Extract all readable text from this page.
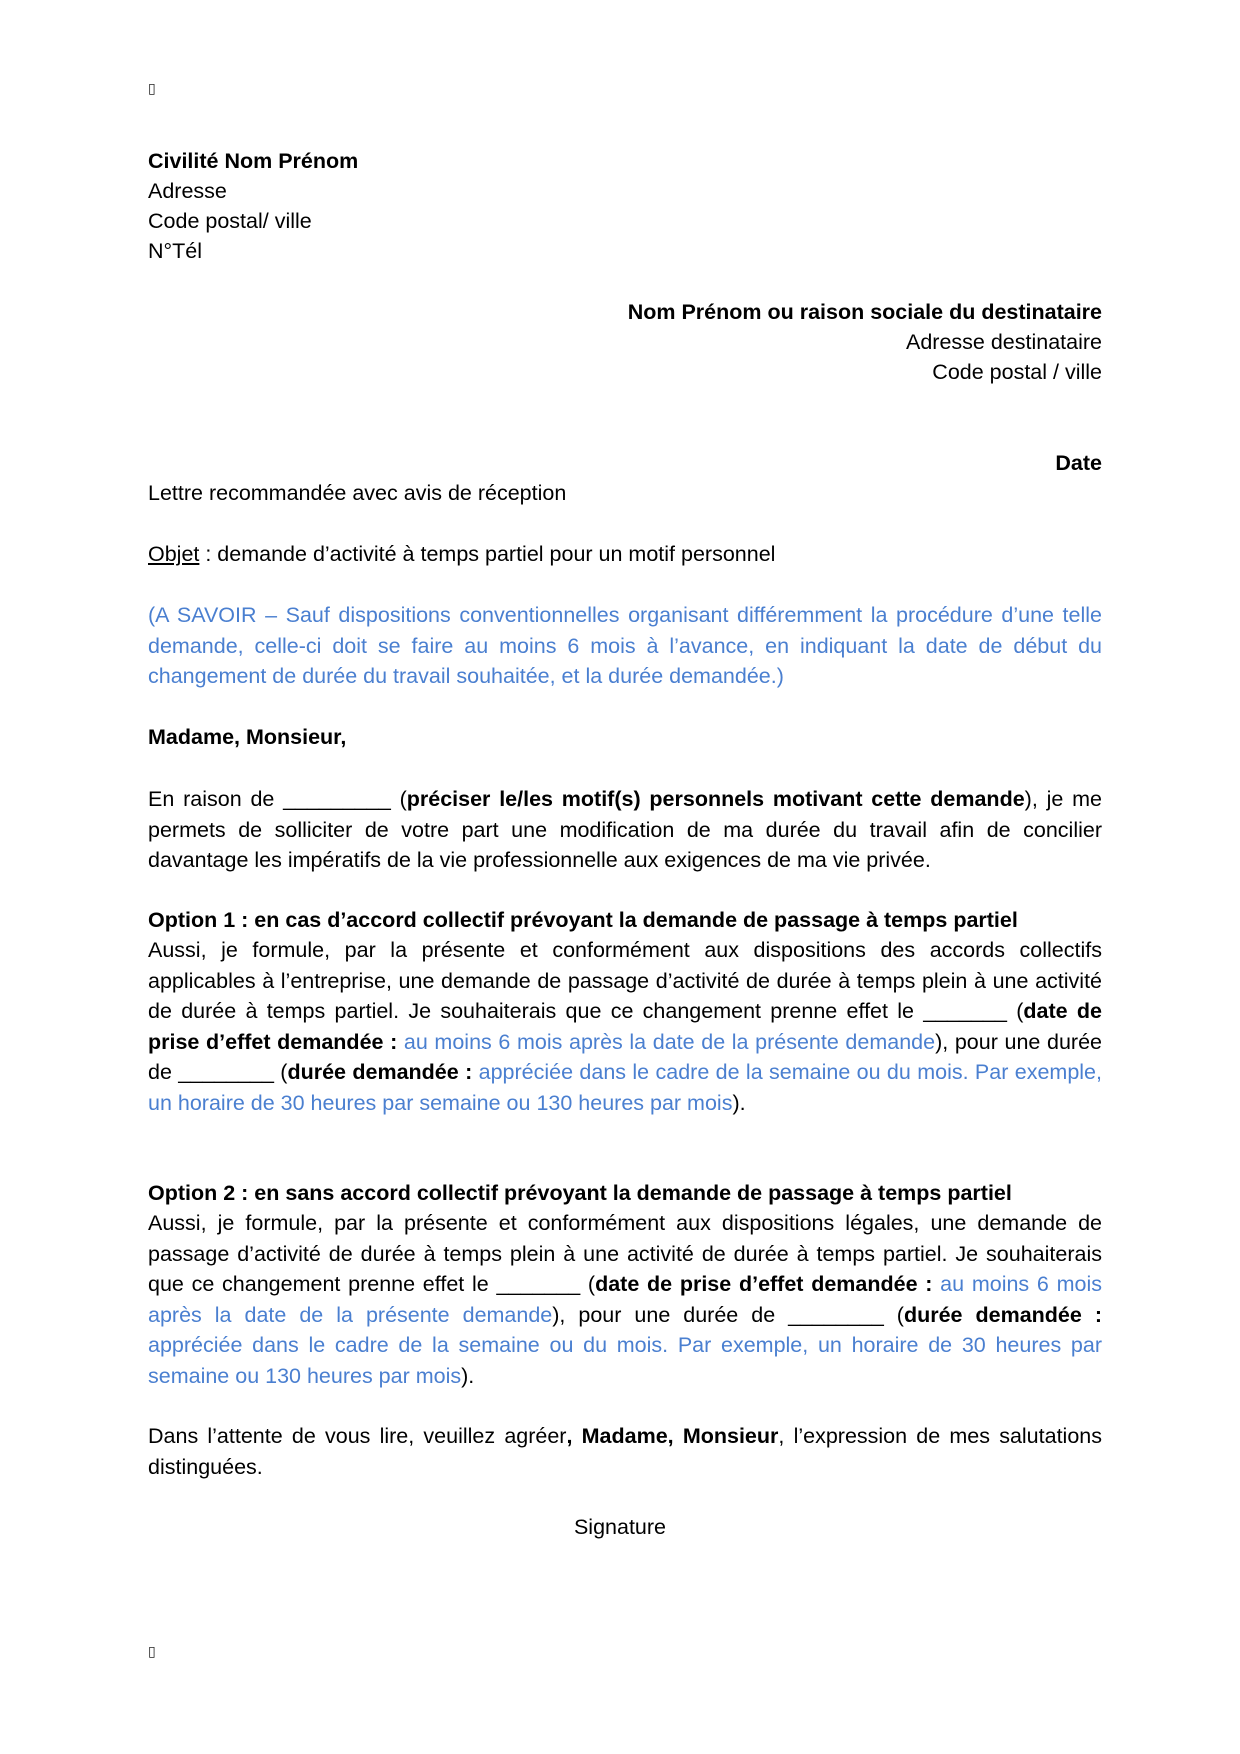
▯
Civilité Nom Prénom
Adresse
Code postal/ ville
N°Tél
Nom Prénom ou raison sociale du destinataire
Adresse destinataire
Code postal / ville
Date
Lettre recommandée avec avis de réception
Objet : demande d’activité à temps partiel pour un motif personnel
(A SAVOIR – Sauf dispositions conventionnelles organisant différemment la procédure d’une telle demande, celle-ci doit se faire au moins 6 mois à l’avance, en indiquant la date de début du changement de durée du travail souhaitée, et la durée demandée.)
Madame, Monsieur,
En raison de _________ (préciser le/les motif(s) personnels motivant cette demande), je me permets de solliciter de votre part une modification de ma durée du travail afin de concilier davantage les impératifs de la vie professionnelle aux exigences de ma vie privée.
Option 1 : en cas d’accord collectif prévoyant la demande de passage à temps partiel
Aussi, je formule, par la présente et conformément aux dispositions des accords collectifs applicables à l’entreprise, une demande de passage d’activité de durée à temps plein à une activité de durée à temps partiel. Je souhaiterais que ce changement prenne effet le _______ (date de prise d’effet demandée : au moins 6 mois après la date de la présente demande), pour une durée de ________ (durée demandée : appréciée dans le cadre de la semaine ou du mois. Par exemple, un horaire de 30 heures par semaine ou 130 heures par mois).
Option 2 : en sans accord collectif prévoyant la demande de passage à temps partiel
Aussi, je formule, par la présente et conformément aux dispositions légales, une demande de passage d’activité de durée à temps plein à une activité de durée à temps partiel. Je souhaiterais que ce changement prenne effet le _______ (date de prise d’effet demandée : au moins 6 mois après la date de la présente demande), pour une durée de ________ (durée demandée : appréciée dans le cadre de la semaine ou du mois. Par exemple, un horaire de 30 heures par semaine ou 130 heures par mois).
Dans l’attente de vous lire, veuillez agréer, Madame, Monsieur, l’expression de mes salutations distinguées.
Signature
▯
